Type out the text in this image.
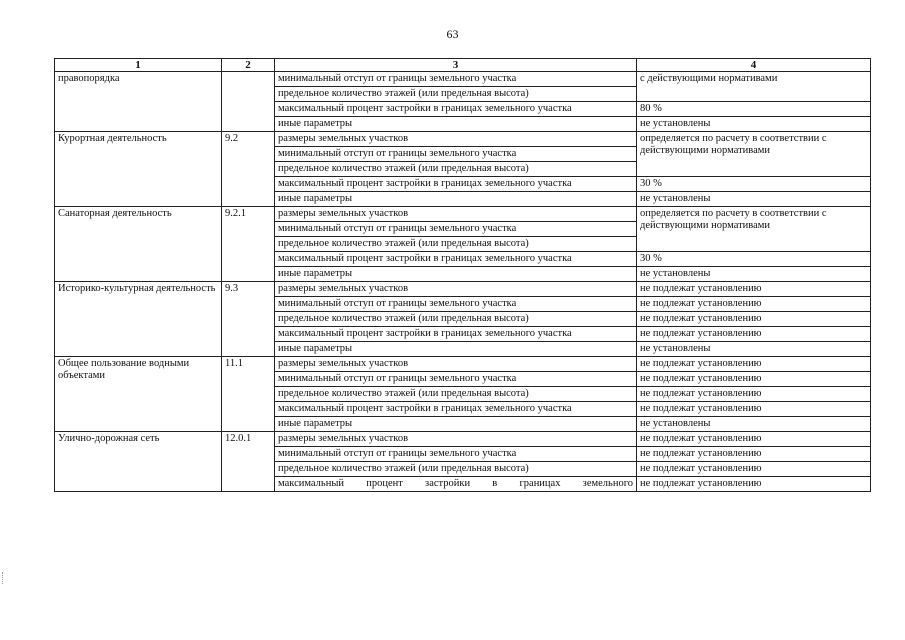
63
1	2	3	4
правопорядка		минимальный отступ от границы земельного участка	с действующими нормативами
		предельное количество этажей (или предельная высота)	
		максимальный процент застройки в границах земельного участка	80 %
		иные параметры	не установлены
Курортная деятельность	9.2	размеры земельных участков	определяется по расчету в соответствии с действующими нормативами
		минимальный отступ от границы земельного участка	
		предельное количество этажей (или предельная высота)	
		максимальный процент застройки в границах земельного участка	30 %
		иные параметры	не установлены
Санаторная деятельность	9.2.1	размеры земельных участков	определяется по расчету в соответствии с действующими нормативами
		минимальный отступ от границы земельного участка	
		предельное количество этажей (или предельная высота)	
		максимальный процент застройки в границах земельного участка	30 %
		иные параметры	не установлены
Историко-культурная деятельность	9.3	размеры земельных участков	не подлежат установлению
		минимальный отступ от границы земельного участка	не подлежат установлению
		предельное количество этажей (или предельная высота)	не подлежат установлению
		максимальный процент застройки в границах земельного участка	не подлежат установлению
		иные параметры	не установлены
Общее пользование водными объектами	11.1	размеры земельных участков	не подлежат установлению
		минимальный отступ от границы земельного участка	не подлежат установлению
		предельное количество этажей (или предельная высота)	не подлежат установлению
		максимальный процент застройки в границах земельного участка	не подлежат установлению
		иные параметры	не установлены
Улично-дорожная сеть	12.0.1	размеры земельных участков	не подлежат установлению
		минимальный отступ от границы земельного участка	не подлежат установлению
		предельное количество этажей (или предельная высота)	не подлежат установлению
		максимальный процент застройки в границах земельного	не подлежат установлению
